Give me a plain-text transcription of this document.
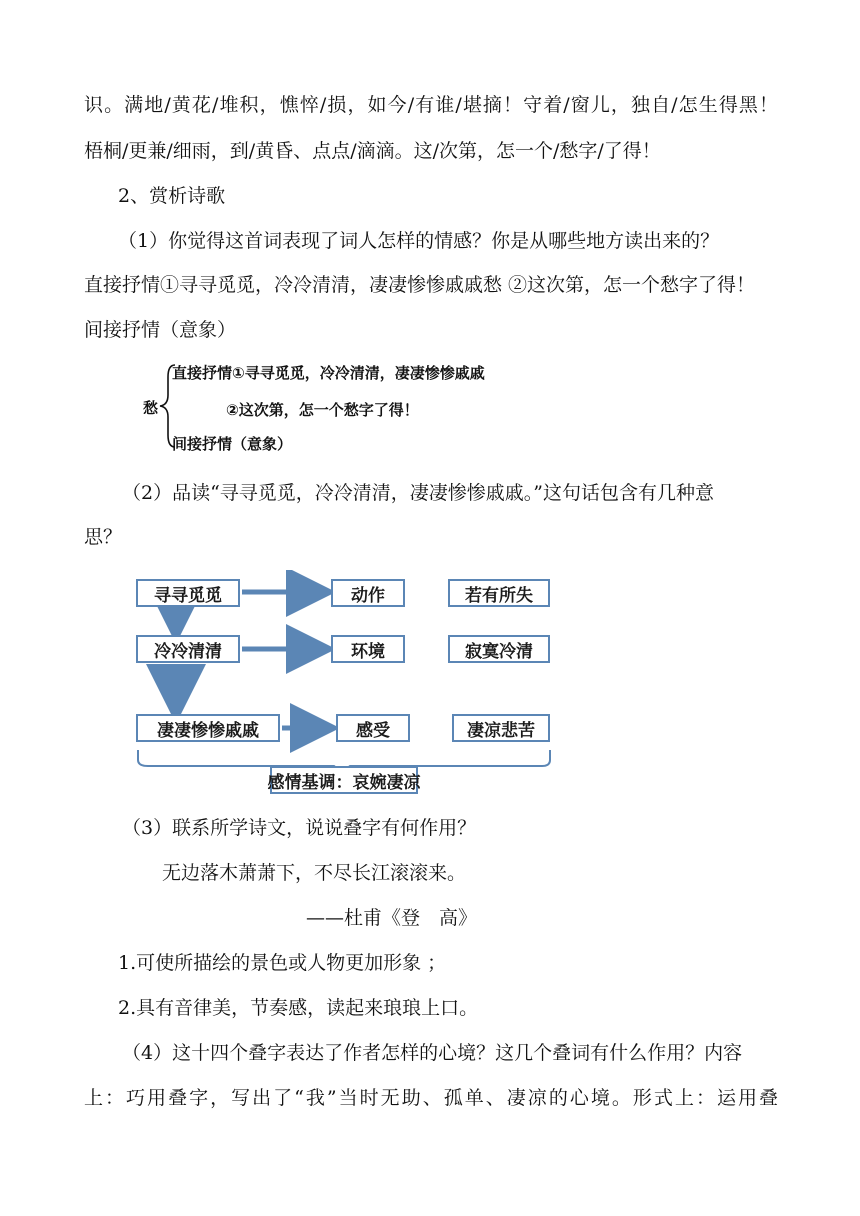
识。满地/黄花/堆积，憔悴/损，如今/有谁/堪摘！守着/窗儿，独自/怎生得黑！
梧桐/更兼/细雨，到/黄昏、点点/滴滴。这/次第，怎一个/愁字/了得！
2、赏析诗歌
（1）你觉得这首词表现了词人怎样的情感？你是从哪些地方读出来的？
直接抒情①寻寻觅觅，冷冷清清，凄凄惨惨戚戚愁 ②这次第，怎一个愁字了得！
间接抒情（意象）
愁
直接抒情①寻寻觅觅，冷冷清清，凄凄惨惨戚戚
②这次第，怎一个愁字了得！
间接抒情（意象）
（2）品读“寻寻觅觅，冷冷清清，凄凄惨惨戚戚。”这句话包含有几种意
思？
寻寻觅觅	动作	若有所失
冷冷清清	环境	寂寞冷清
凄凄惨惨戚戚	感受	凄凉悲苦
感情基调：哀婉凄凉
（3）联系所学诗文，说说叠字有何作用？
无边落木萧萧下，不尽长江滚滚来。
——杜甫《登　高》
1.可使所描绘的景色或人物更加形象 ；
2.具有音律美，节奏感，读起来琅琅上口。
（4）这十四个叠字表达了作者怎样的心境？这几个叠词有什么作用？内容
上：巧用叠字，写出了“我”当时无助、孤单、凄凉的心境。形式上：运用叠
